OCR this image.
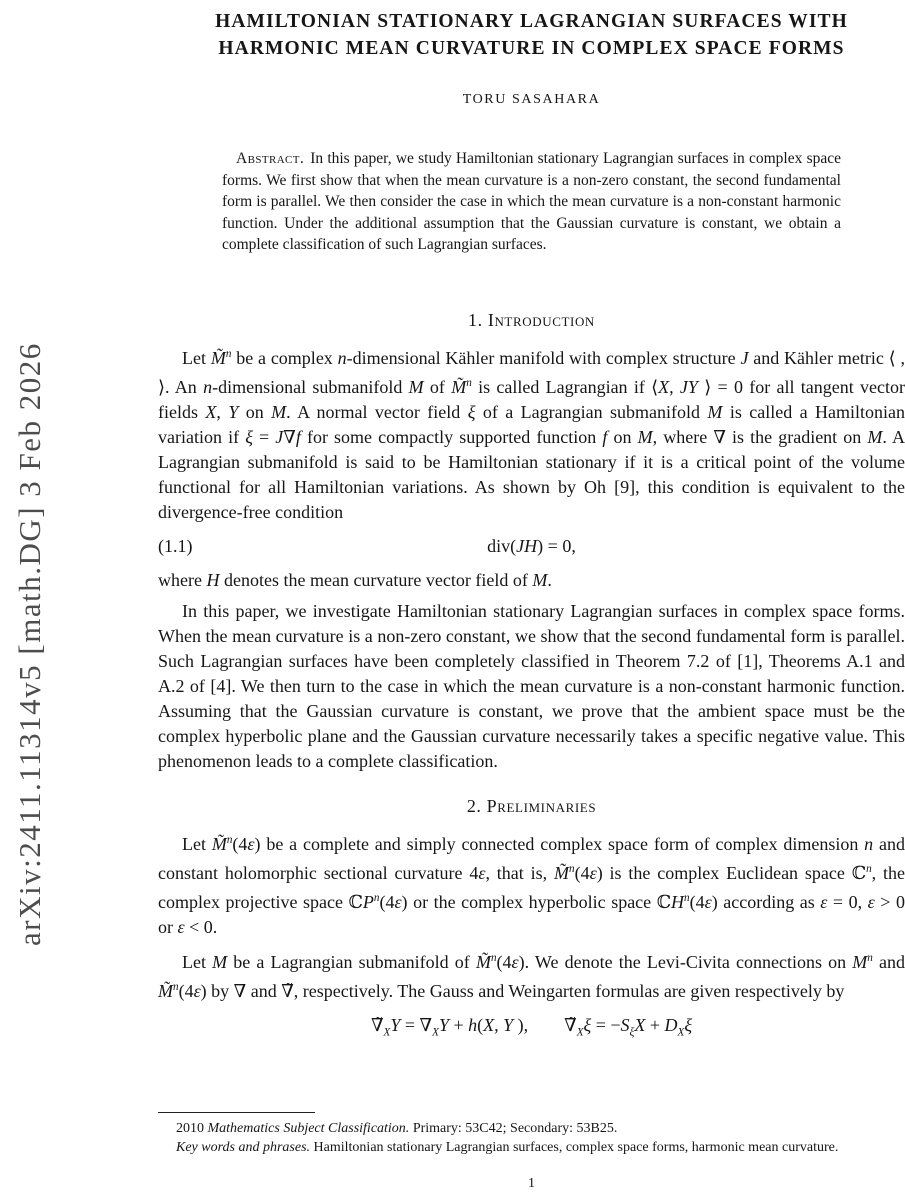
arXiv:2411.11314v5 [math.DG] 3 Feb 2026
HAMILTONIAN STATIONARY LAGRANGIAN SURFACES WITH
HARMONIC MEAN CURVATURE IN COMPLEX SPACE FORMS
TORU SASAHARA
Abstract. In this paper, we study Hamiltonian stationary Lagrangian surfaces in complex space forms. We first show that when the mean curvature is a non-zero constant, the second fundamental form is parallel. We then consider the case in which the mean curvature is a non-constant harmonic function. Under the additional assumption that the Gaussian curvature is constant, we obtain a complete classification of such Lagrangian surfaces.
1. Introduction

Let M̃$^n$ be a complex n-dimensional Kähler manifold with complex structure J and Kähler metric ⟨ , ⟩. An n-dimensional submanifold M of M̃$^n$ is called Lagrangian if ⟨X, JY ⟩ = 0 for all tangent vector fields X, Y on M. A normal vector field ξ of a Lagrangian submanifold M is called a Hamiltonian variation if ξ = J∇f for some compactly supported function f on M, where ∇ is the gradient on M. A Lagrangian submanifold is said to be Hamiltonian stationary if it is a critical point of the volume functional for all Hamiltonian variations. As shown by Oh [9], this condition is equivalent to the divergence-free condition

(1.1)	div(JH) = 0,

where H denotes the mean curvature vector field of M.

In this paper, we investigate Hamiltonian stationary Lagrangian surfaces in complex space forms. When the mean curvature is a non-zero constant, we show that the second fundamental form is parallel. Such Lagrangian surfaces have been completely classified in Theorem 7.2 of [1], Theorems A.1 and A.2 of [4]. We then turn to the case in which the mean curvature is a non-constant harmonic function. Assuming that the Gaussian curvature is constant, we prove that the ambient space must be the complex hyperbolic plane and the Gaussian curvature necessarily takes a specific negative value. This phenomenon leads to a complete classification.

2. Preliminaries

Let M̃$^n$(4ε) be a complete and simply connected complex space form of complex dimension n and constant holomorphic sectional curvature 4ε, that is, M̃$^n$(4ε) is the complex Euclidean space ℂ$^n$, the complex projective space ℂP$^n$(4ε) or the complex hyperbolic space ℂH$^n$(4ε) according as ε = 0, ε > 0 or ε < 0.

Let M be a Lagrangian submanifold of M̃$^n$(4ε). We denote the Levi-Civita connections on $M^n$ and M̃$^n$(4ε) by ∇ and ∇̃, respectively. The Gauss and Weingarten formulas are given respectively by

$\nablã_XY = \nabla_XY + h(X$, Y ),  $\nablã_X\xi = -S_\xi X + D_X\xi$

2010 Mathematics Subject Classification. Primary: 53C42; Secondary: 53B25.

Key words and phrases. Hamiltonian stationary Lagrangian surfaces, complex space forms, harmonic mean curvature.

1
